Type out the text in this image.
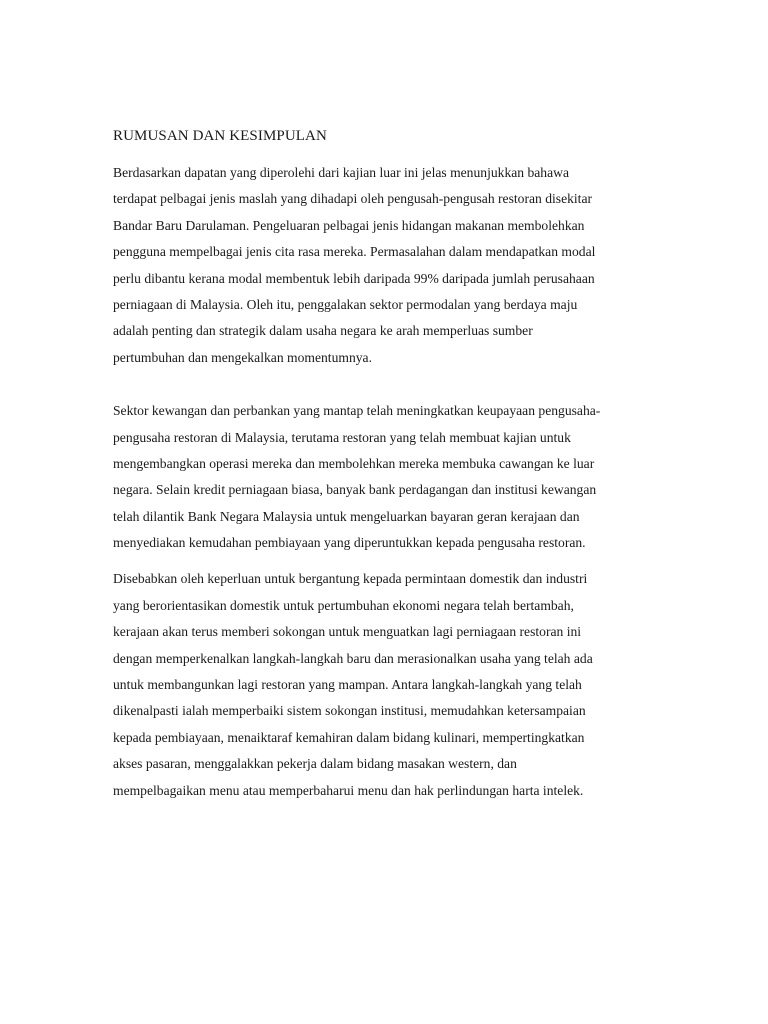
RUMUSAN DAN KESIMPULAN
Berdasarkan dapatan yang diperolehi dari kajian luar ini jelas menunjukkan bahawa
terdapat pelbagai jenis maslah yang dihadapi oleh pengusah-pengusah restoran disekitar
Bandar Baru Darulaman. Pengeluaran pelbagai jenis hidangan makanan membolehkan
pengguna mempelbagai jenis cita rasa mereka. Permasalahan dalam mendapatkan modal
perlu dibantu kerana modal membentuk lebih daripada 99% daripada jumlah perusahaan
perniagaan di Malaysia. Oleh itu, penggalakan sektor permodalan yang berdaya maju
adalah penting dan strategik dalam usaha negara ke arah memperluas sumber
pertumbuhan dan mengekalkan momentumnya.
Sektor kewangan dan perbankan yang mantap telah meningkatkan keupayaan pengusaha-
pengusaha restoran di Malaysia, terutama restoran yang telah membuat kajian untuk
mengembangkan operasi mereka dan membolehkan mereka membuka cawangan ke luar
negara. Selain kredit perniagaan biasa, banyak bank perdagangan dan institusi kewangan
telah dilantik Bank Negara Malaysia untuk mengeluarkan bayaran geran kerajaan dan
menyediakan kemudahan pembiayaan yang diperuntukkan kepada pengusaha restoran.
Disebabkan oleh keperluan untuk bergantung kepada permintaan domestik dan industri
yang berorientasikan domestik untuk pertumbuhan ekonomi negara telah bertambah,
kerajaan akan terus memberi sokongan untuk menguatkan lagi perniagaan restoran ini
dengan memperkenalkan langkah-langkah baru dan merasionalkan usaha yang telah ada
untuk membangunkan lagi restoran yang mampan. Antara langkah-langkah yang telah
dikenalpasti ialah memperbaiki sistem sokongan institusi, memudahkan ketersampaian
kepada pembiayaan, menaiktaraf kemahiran dalam bidang kulinari, mempertingkatkan
akses pasaran, menggalakkan pekerja dalam bidang masakan western, dan
mempelbagaikan menu atau memperbaharui menu dan hak perlindungan harta intelek.
